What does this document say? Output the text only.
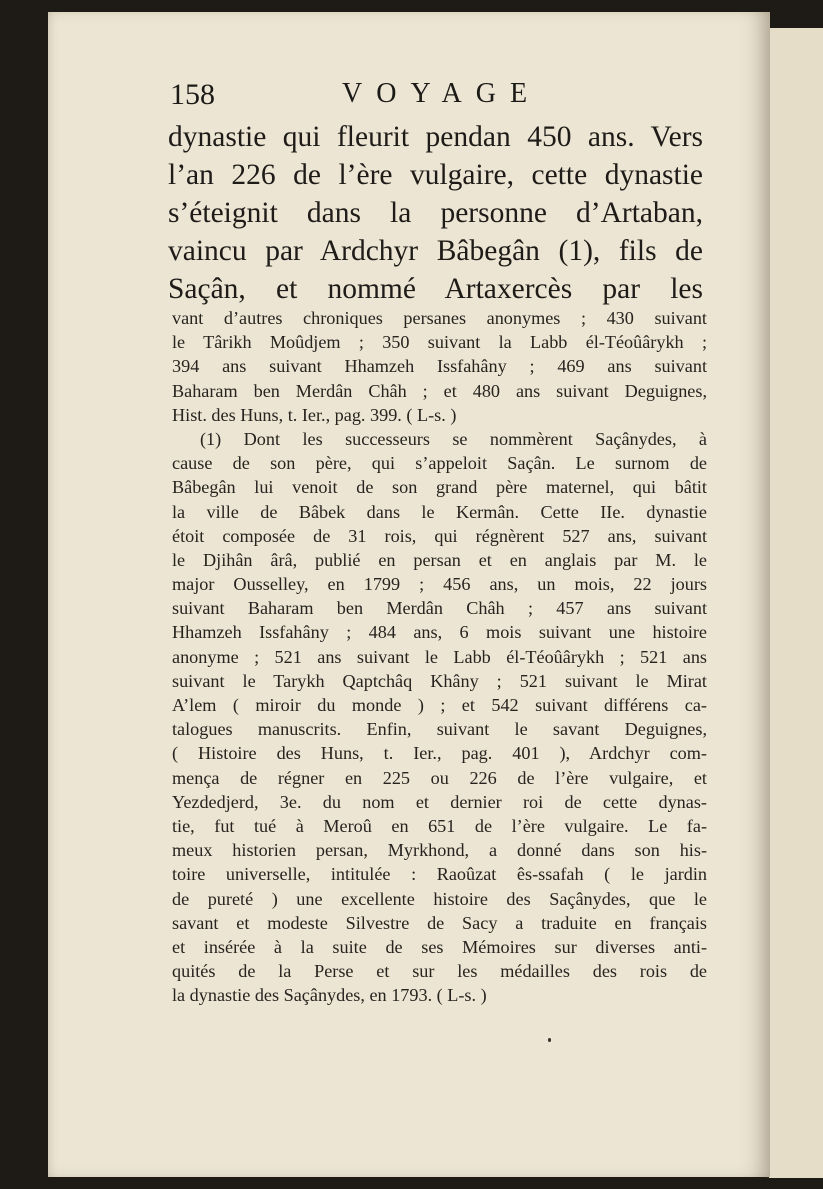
158	VOYAGE
dynastie qui fleurit pendan 450 ans. Vers
l’an 226 de l’ère vulgaire, cette dynastie
s’éteignit dans la personne d’Artaban,
vaincu par Ardchyr Bâbegân (1), fils de
Saçân, et nommé Artaxercès par les
vant d’autres chroniques persanes anonymes ; 430 suivant
le Târikh Moûdjem ; 350 suivant la Labb él-Téoûârykh ;
394 ans suivant Hhamzeh Issfahâny ; 469 ans suivant
Baharam ben Merdân Châh ; et 480 ans suivant Deguignes,
Hist. des Huns, t. Ier., pag. 399. ( L-s. )
(1) Dont les successeurs se nommèrent Saçânydes, à
cause de son père, qui s’appeloit Saçân. Le surnom de
Bâbegân lui venoit de son grand père maternel, qui bâtit
la ville de Bâbek dans le Kermân. Cette IIe. dynastie
étoit composée de 31 rois, qui régnèrent 527 ans, suivant
le Djihân ârâ, publié en persan et en anglais par M. le
major Ousselley, en 1799 ; 456 ans, un mois, 22 jours
suivant Baharam ben Merdân Châh ; 457 ans suivant
Hhamzeh Issfahâny ; 484 ans, 6 mois suivant une histoire
anonyme ; 521 ans suivant le Labb él-Téoûârykh ; 521 ans
suivant le Tarykh Qaptchâq Khâny ; 521 suivant le Mirat
A’lem ( miroir du monde ) ; et 542 suivant différens ca-
talogues manuscrits. Enfin, suivant le savant Deguignes,
( Histoire des Huns, t. Ier., pag. 401 ), Ardchyr com-
mença de régner en 225 ou 226 de l’ère vulgaire, et
Yezdedjerd, 3e. du nom et dernier roi de cette dynas-
tie, fut tué à Meroû en 651 de l’ère vulgaire. Le fa-
meux historien persan, Myrkhond, a donné dans son his-
toire universelle, intitulée : Raoûzat ês-ssafah ( le jardin
de pureté ) une excellente histoire des Saçânydes, que le
savant et modeste Silvestre de Sacy a traduite en français
et insérée à la suite de ses Mémoires sur diverses anti-
quités de la Perse et sur les médailles des rois de
la dynastie des Saçânydes, en 1793. ( L-s. )
